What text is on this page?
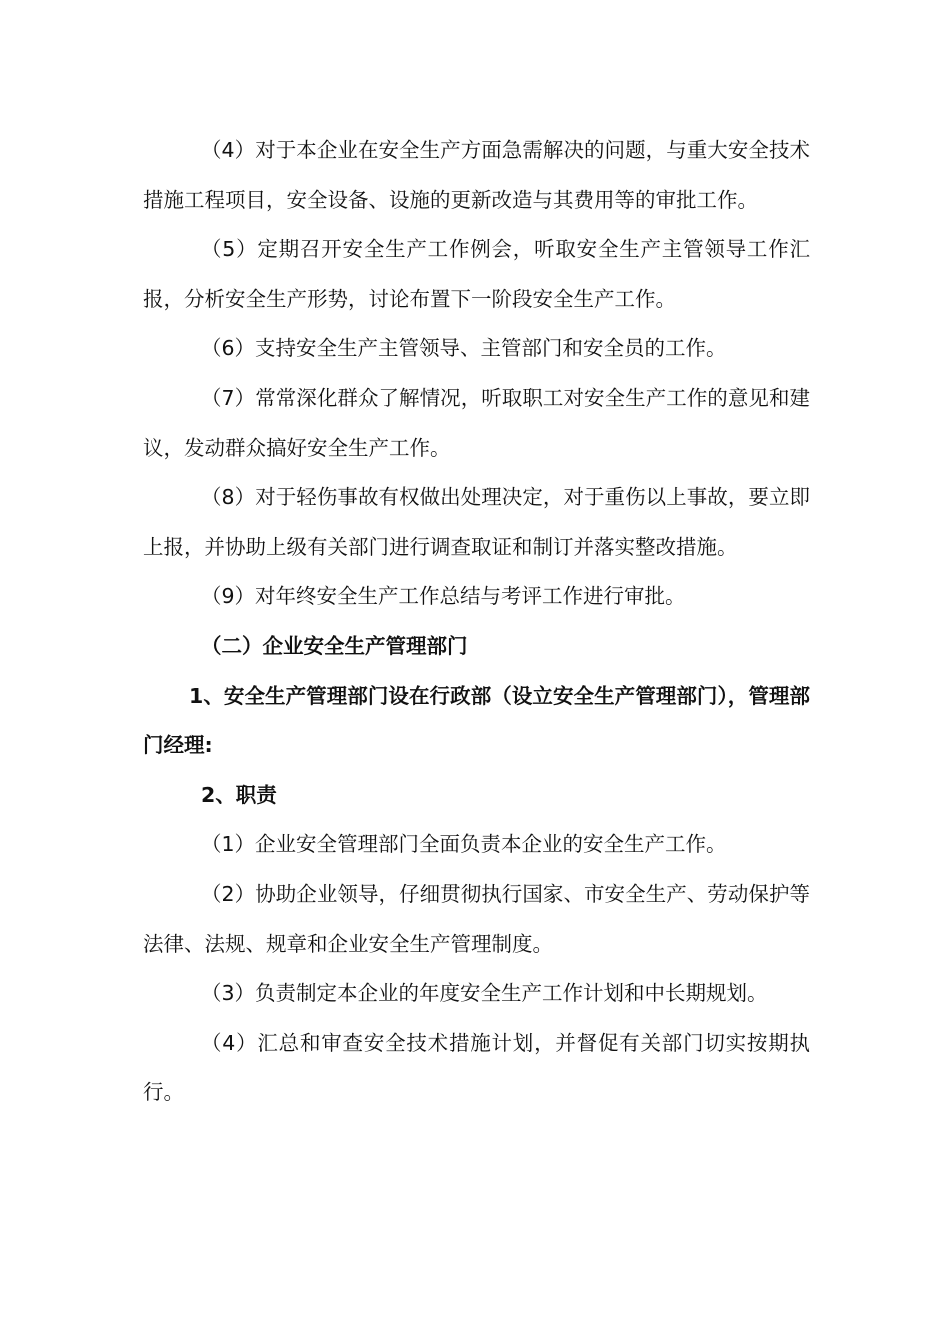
（4）对于本企业在安全生产方面急需解决的问题，与重大安全技术措施工程项目，安全设备、设施的更新改造与其费用等的审批工作。

（5）定期召开安全生产工作例会，听取安全生产主管领导工作汇报，分析安全生产形势，讨论布置下一阶段安全生产工作。

（6）支持安全生产主管领导、主管部门和安全员的工作。

（7）常常深化群众了解情况，听取职工对安全生产工作的意见和建议，发动群众搞好安全生产工作。

（8）对于轻伤事故有权做出处理决定，对于重伤以上事故，要立即上报，并协助上级有关部门进行调查取证和制订并落实整改措施。

（9）对年终安全生产工作总结与考评工作进行审批。

（二）企业安全生产管理部门

1、安全生产管理部门设在行政部（设立安全生产管理部门），管理部门经理:

2、职责

（1）企业安全管理部门全面负责本企业的安全生产工作。

（2）协助企业领导，仔细贯彻执行国家、市安全生产、劳动保护等法律、法规、规章和企业安全生产管理制度。

（3）负责制定本企业的年度安全生产工作计划和中长期规划。

（4）汇总和审查安全技术措施计划，并督促有关部门切实按期执行。
